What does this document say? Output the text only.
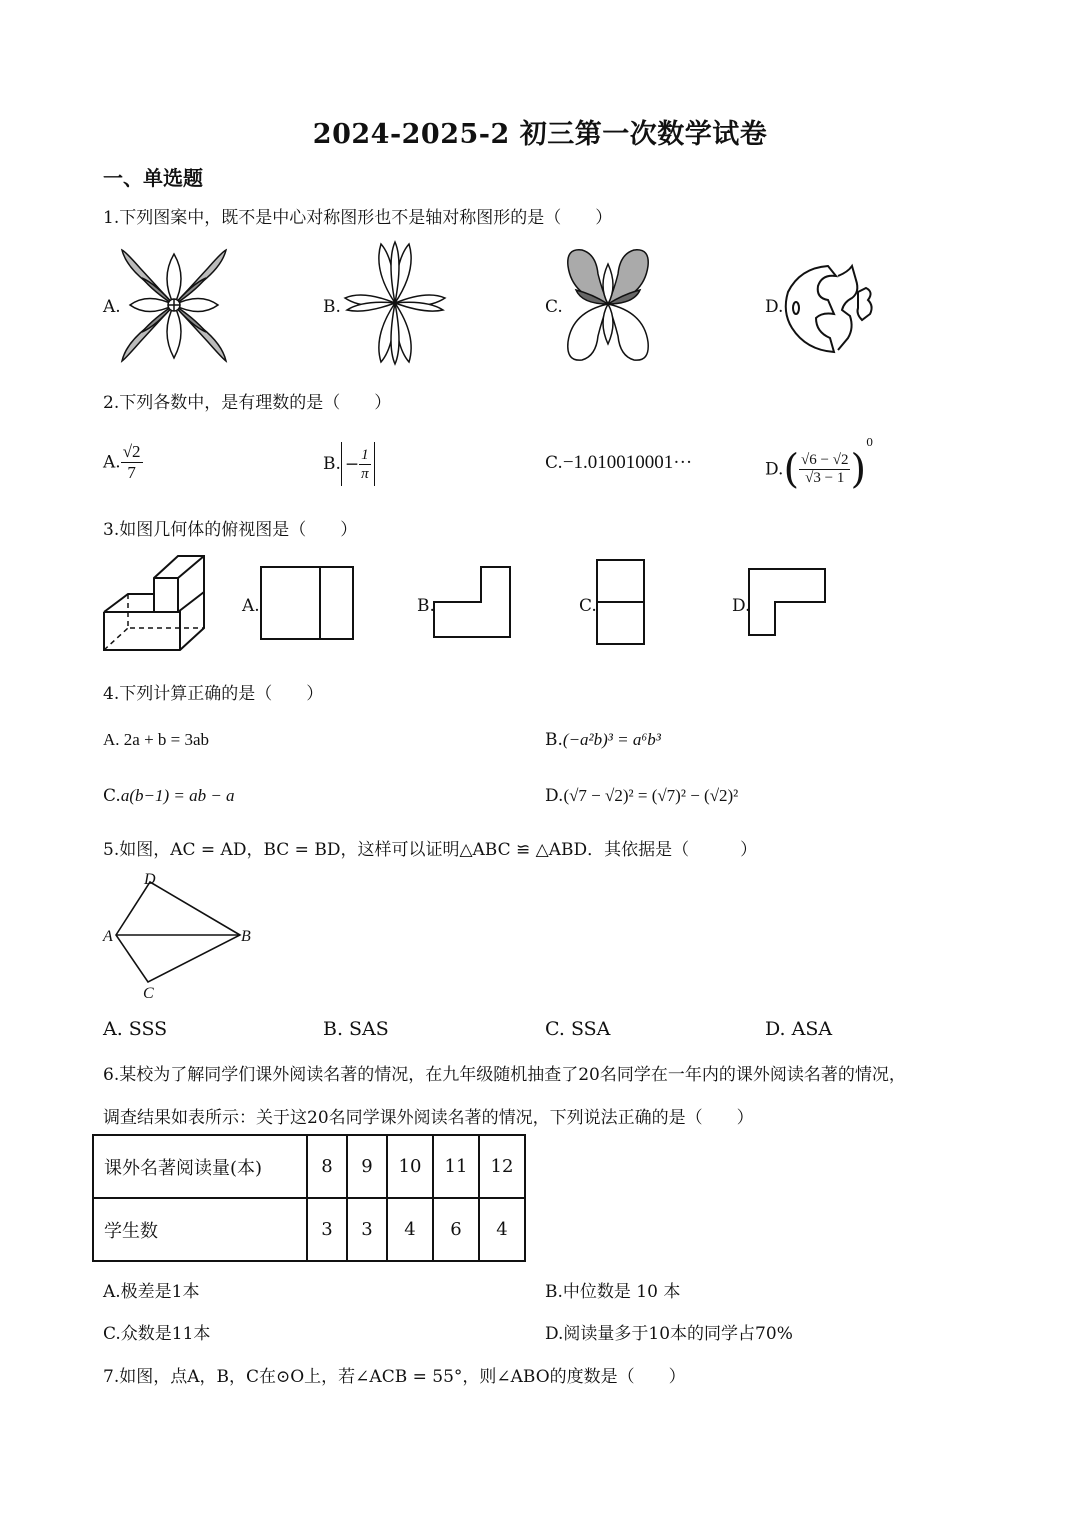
2024-2025-2 初三第一次数学试卷
一、单选题
1.下列图案中，既不是中心对称图形也不是轴对称图形的是（　　）
A.	B.	C.	D.
2.下列各数中，是有理数的是（　　）
A. $\frac{√2}{7}$	B. − $\frac{1}{\pi}$	C.−1.010010001···	$D.( \frac{√6 - √2}{√3 - 1} )^0$
3.如图几何体的俯视图是（　　）
A.	B.	C.	D.
4.下列计算正确的是（　　）
A. 2a + b = 3ab	B.(−a²b)³ = a⁶b³
C.a(b−1) = ab − a	D.(√7 − √2)² = (√7)² − (√2)²
5.如图，AC = AD，BC = BD，这样可以证明△ABC ≌ △ABD．其依据是（　　　）
D
A	B
C
A. SSS	B. SAS	C. SSA	D. ASA
6.某校为了解同学们课外阅读名著的情况，在九年级随机抽查了20名同学在一年内的课外阅读名著的情况，
调查结果如表所示：关于这20名同学课外阅读名著的情况，下列说法正确的是（　　）
课外名著阅读量(本)	8	9	10	11	12
学生数	3	3	4	6	4
A.极差是1本	B.中位数是 10 本
C.众数是11本	D.阅读量多于10本的同学占70%
7.如图，点A，B，C在⊙O上，若∠ACB = 55°，则∠ABO的度数是（　　）
